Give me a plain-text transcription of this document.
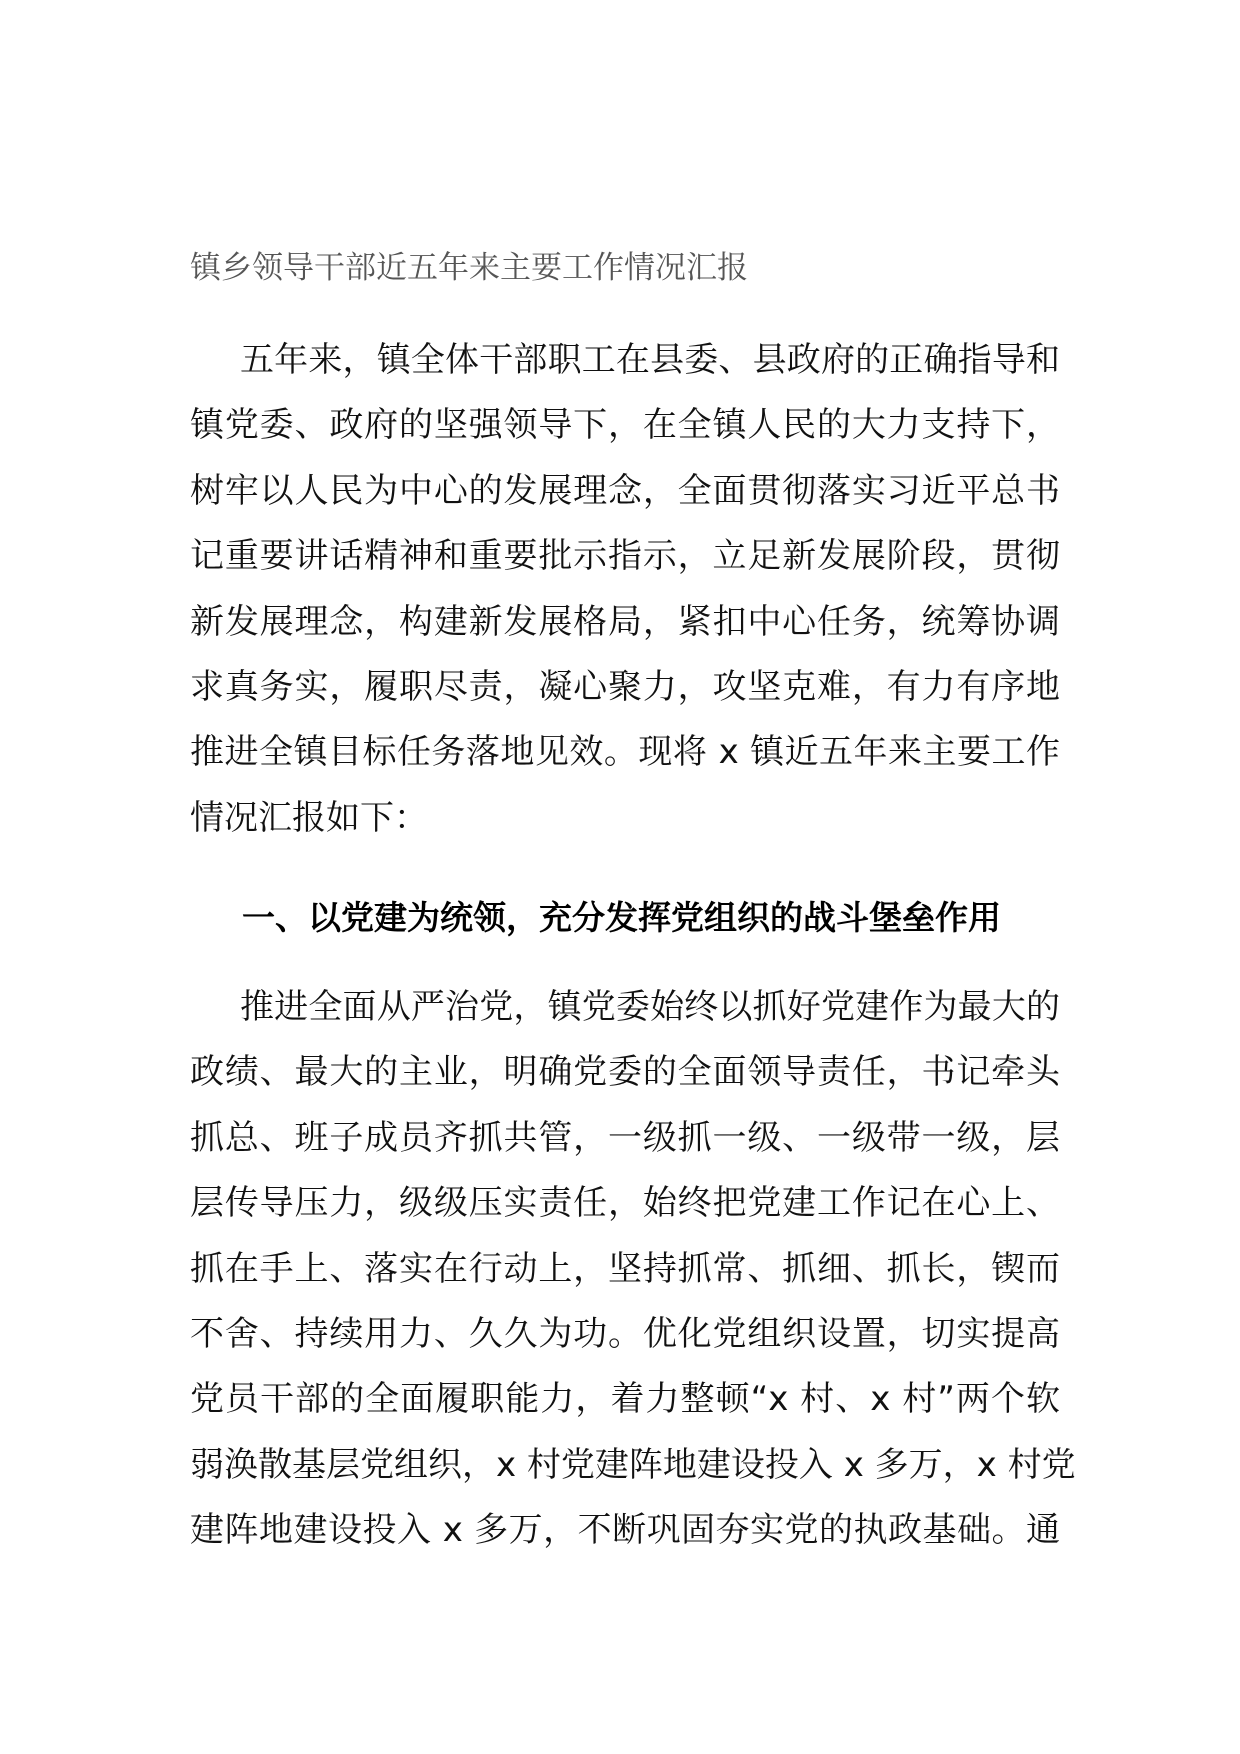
镇乡领导干部近五年来主要工作情况汇报
五年来，镇全体干部职工在县委、县政府的正确指导和
镇党委、政府的坚强领导下，在全镇人民的大力支持下，
树牢以人民为中心的发展理念，全面贯彻落实习近平总书
记重要讲话精神和重要批示指示，立足新发展阶段，贯彻
新发展理念，构建新发展格局，紧扣中心任务，统筹协调
求真务实，履职尽责，凝心聚力，攻坚克难，有力有序地
推进全镇目标任务落地见效。现将 x 镇近五年来主要工作
情况汇报如下：
一、以党建为统领，充分发挥党组织的战斗堡垒作用
推进全面从严治党，镇党委始终以抓好党建作为最大的
政绩、最大的主业，明确党委的全面领导责任，书记牵头
抓总、班子成员齐抓共管，一级抓一级、一级带一级，层
层传导压力，级级压实责任，始终把党建工作记在心上、
抓在手上、落实在行动上，坚持抓常、抓细、抓长，锲而
不舍、持续用力、久久为功。优化党组织设置，切实提高
党员干部的全面履职能力，着力整顿“x 村、x 村”两个软
弱涣散基层党组织，x 村党建阵地建设投入 x 多万，x 村党
建阵地建设投入 x 多万，不断巩固夯实党的执政基础。通
